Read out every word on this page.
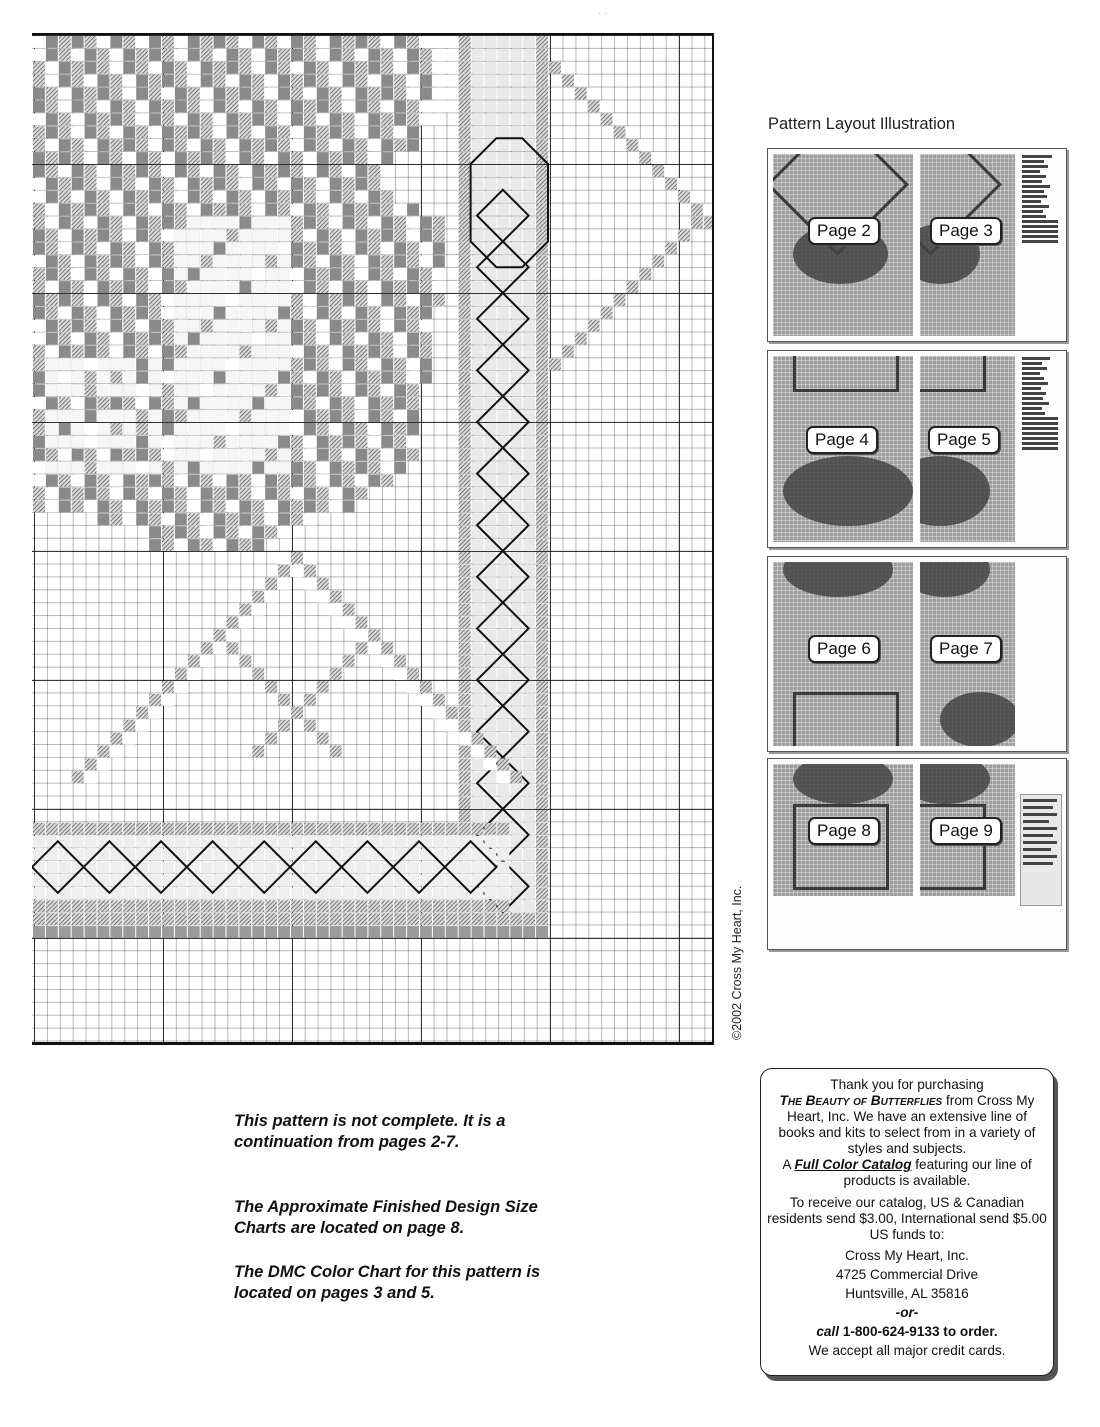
· ·
©2002 Cross My Heart, Inc.
Pattern Layout Illustration
Page 2	Page 3
Page 4	Page 5
Page 6	Page 7
Page 8	Page 9
This pattern is not complete. It is a continuation from pages 2-7.
The Approximate Finished Design Size Charts are located on page 8.
The DMC Color Chart for this pattern is located on pages 3 and 5.

Thank you for purchasing

The Beauty of Butterflies from Cross My Heart, Inc. We have an extensive line of books and kits to select from in a variety of styles and subjects.

A Full Color Catalog featuring our line of products is available.

To receive our catalog, US & Canadian residents send $3.00, International send $5.00 US funds to:

Cross My Heart, Inc.

4725 Commercial Drive

Huntsville, AL 35816

-or-

call 1-800-624-9133 to order.

We accept all major credit cards.
